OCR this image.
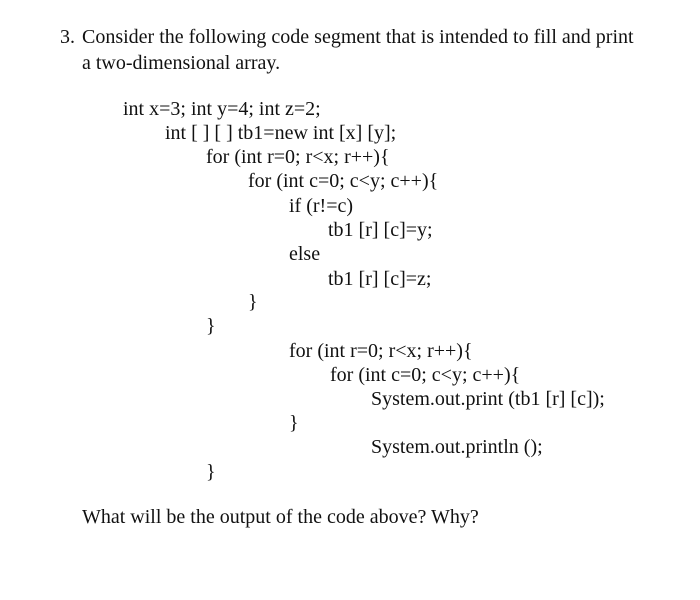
3. Consider the following code segment that is intended to fill and print
a two-dimensional array.
int x=3; int y=4; int z=2;
int [ ] [ ] tb1=new int [x] [y];
for (int r=0; r<x; r++){
for (int c=0; c<y; c++){
if (r!=c)
tb1 [r] [c]=y;
else
tb1 [r] [c]=z;
}
}
for (int r=0; r<x; r++){
for (int c=0; c<y; c++){
System.out.print (tb1 [r] [c]);
}
System.out.println ();
}
What will be the output of the code above? Why?
